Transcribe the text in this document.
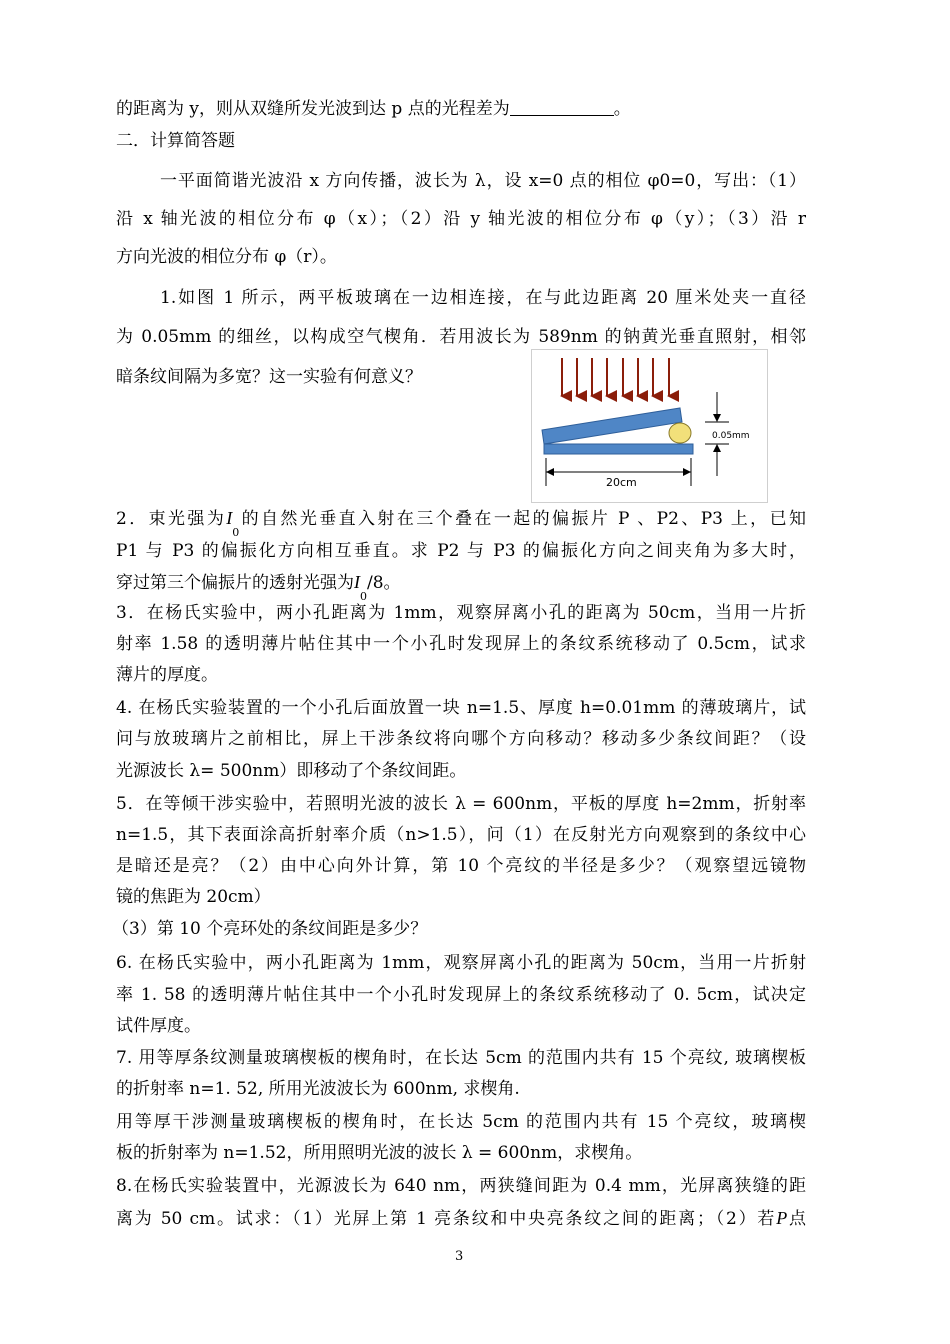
的距离为 y，则从双缝所发光波到达 p 点的光程差为	。
二．计算简答题
一平面简谐光波沿 x 方向传播，波长为 λ，设 x=0 点的相位 φ0=0，写出：（1）
沿 x 轴光波的相位分布 φ（x）；（2）沿 y 轴光波的相位分布 φ（y）；（3）沿 r
方向光波的相位分布 φ（r）。
1.如图 1 所示，两平板玻璃在一边相连接，在与此边距离 20 厘米处夹一直径
为 0.05mm 的细丝，以构成空气楔角．若用波长为 589nm 的钠黄光垂直照射，相邻
暗条纹间隔为多宽？这一实验有何意义？
0.05mm
20cm
2．束光强为$I_0$的自然光垂直入射在三个叠在一起的偏振片 P 、P2、P3 上，已知
P1 与 P3 的偏振化方向相互垂直。求 P2 与 P3 的偏振化方向之间夹角为多大时，
穿过第三个偏振片的透射光强为$I_0/8$。
3．在杨氏实验中，两小孔距离为 1mm，观察屏离小孔的距离为 50cm，当用一片折
射率 1.58 的透明薄片帖住其中一个小孔时发现屏上的条纹系统移动了 0.5cm，试求
薄片的厚度。
4. 在杨氏实验装置的一个小孔后面放置一块 n=1.5、厚度 h=0.01mm 的薄玻璃片，试
问与放玻璃片之前相比，屏上干涉条纹将向哪个方向移动？移动多少条纹间距？（设
光源波长 λ= 500nm）即移动了个条纹间距。
5．在等倾干涉实验中，若照明光波的波长 λ = 600nm，平板的厚度 h=2mm，折射率
n=1.5，其下表面涂高折射率介质（n>1.5），问（1）在反射光方向观察到的条纹中心
是暗还是亮？（2）由中心向外计算，第 10 个亮纹的半径是多少？（观察望远镜物
镜的焦距为 20cm）
（3）第 10 个亮环处的条纹间距是多少？
6. 在杨氏实验中，两小孔距离为 1mm，观察屏离小孔的距离为 50cm，当用一片折射
率 1. 58 的透明薄片帖住其中一个小孔时发现屏上的条纹系统移动了 0. 5cm，试决定
试件厚度。
7. 用等厚条纹测量玻璃楔板的楔角时，在长达 5cm 的范围内共有 15 个亮纹, 玻璃楔板
的折射率 n=1. 52, 所用光波波长为 600nm, 求楔角.
用等厚干涉测量玻璃楔板的楔角时，在长达 5cm 的范围内共有 15 个亮纹，玻璃楔
板的折射率为 n=1.52，所用照明光波的波长 λ = 600nm，求楔角。
8.在杨氏实验装置中，光源波长为 640 nm，两狭缝间距为 0.4 mm，光屏离狭缝的距
离为 50 cm。试求：（1）光屏上第 1 亮条纹和中央亮条纹之间的距离；（2）若P点
3
